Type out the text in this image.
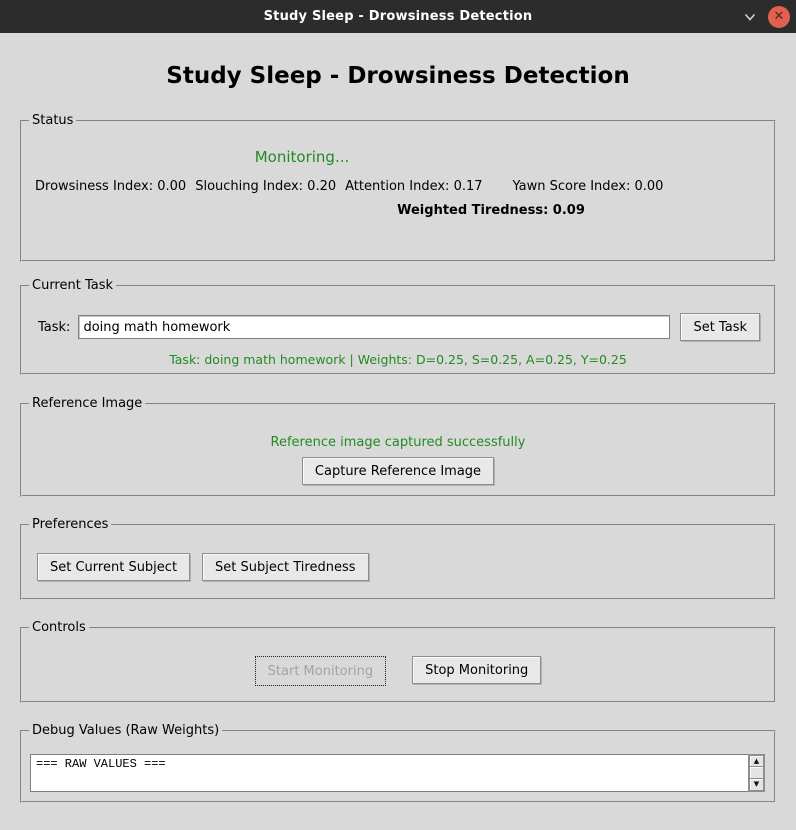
Study Sleep - Drowsiness Detection	✕
Study Sleep - Drowsiness Detection
Status
Monitoring...
Drowsiness Index: 0.00 Slouching Index: 0.20 Attention Index: 0.17 Yawn Score Index: 0.00
Weighted Tiredness: 0.09
Current Task
Task:
doing math homework	Set Task
Task: doing math homework | Weights: D=0.25, S=0.25, A=0.25, Y=0.25
Reference Image
Reference image captured successfully
Capture Reference Image
Preferences
Set Current Subject	Set Subject Tiredness
Controls
Start Monitoring	Stop Monitoring
Debug Values (Raw Weights)
=== RAW VALUES ===	▲
▼
